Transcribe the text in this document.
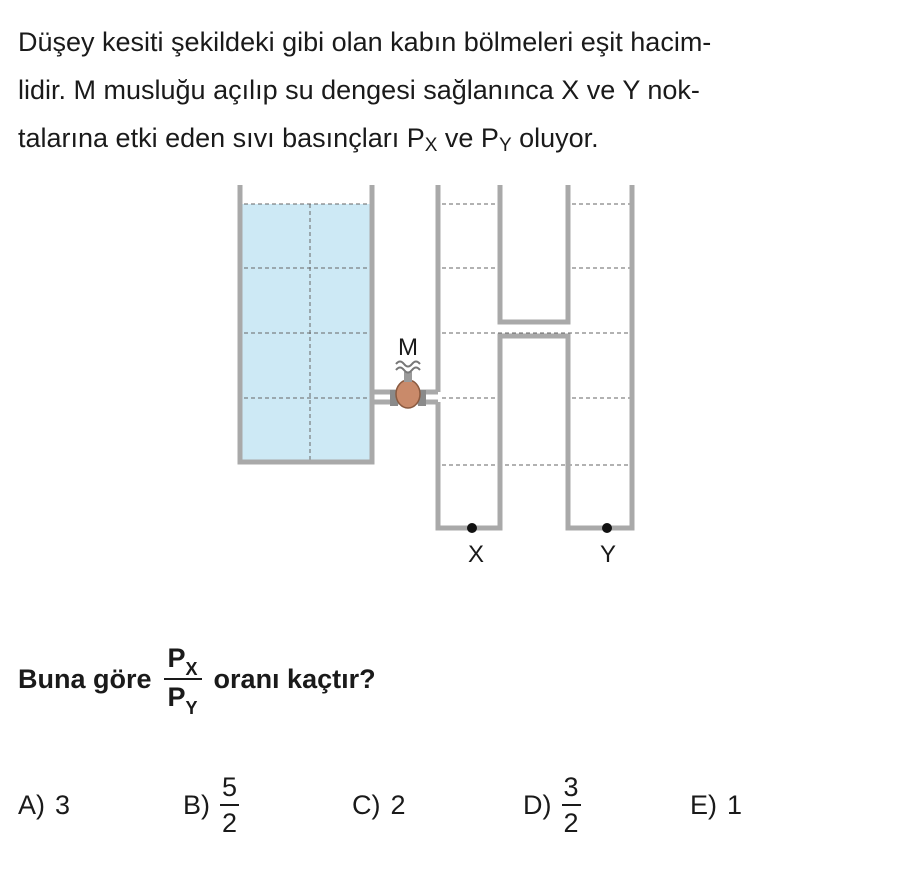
Düşey kesiti şekildeki gibi olan kabın bölmeleri eşit hacim-
lidir. M musluğu açılıp su dengesi sağlanınca X ve Y nok-
talarına etki eden sıvı basınçları PX ve PY oluyor.
M
X	Y
Buna göre $\frac{P_X}{P_Y}$ oranı kaçtır?
A) 3	B)
5
2
C) 2	D)
3
2
E) 1
